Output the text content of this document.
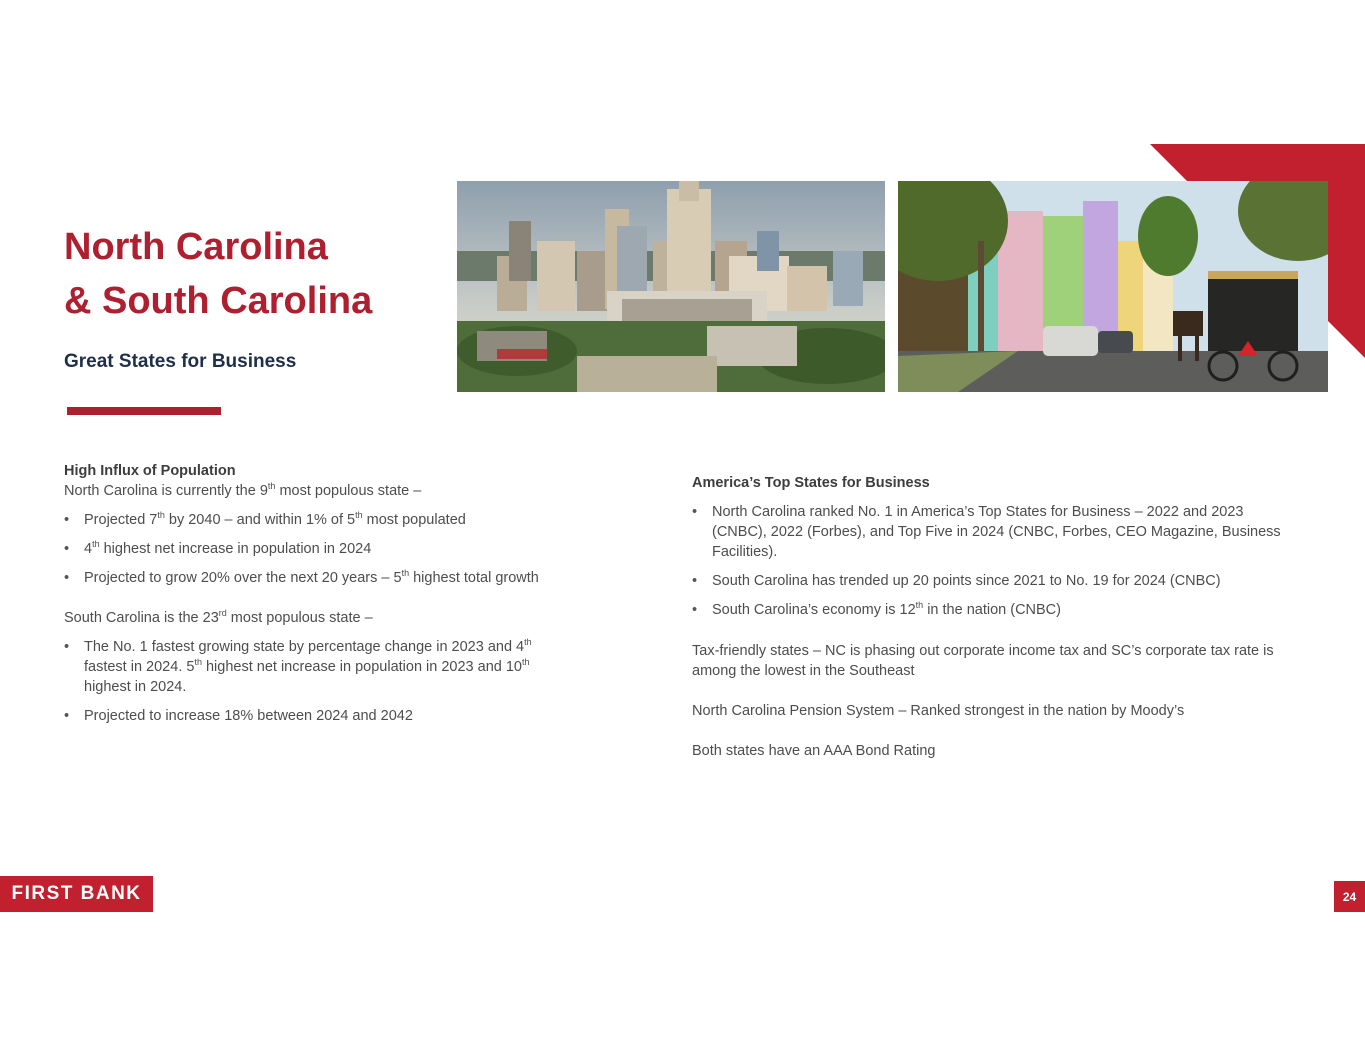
North Carolina
& South Carolina
Great States for Business

High Influx of Population

North Carolina is currently the 9th most populous state –

• Projected 7th by 2040 – and within 1% of 5th most populated
• 4th highest net increase in population in 2024
• Projected to grow 20% over the next 20 years – 5th highest total growth

South Carolina is the 23rd most populous state –

• The No. 1 fastest growing state by percentage change in 2023 and 4th fastest in 2024. 5th highest net increase in population in 2023 and 10th highest in 2024.
• Projected to increase 18% between 2024 and 2042

America’s Top States for Business

• North Carolina ranked No. 1 in America’s Top States for Business – 2022 and 2023 (CNBC), 2022 (Forbes), and Top Five in 2024 (CNBC, Forbes, CEO Magazine, Business Facilities).
• South Carolina has trended up 20 points since 2021 to No. 19 for 2024 (CNBC)
• South Carolina’s economy is 12th in the nation (CNBC)

Tax-friendly states – NC is phasing out corporate income tax and SC’s corporate tax rate is among the lowest in the Southeast

North Carolina Pension System – Ranked strongest in the nation by Moody’s

Both states have an AAA Bond Rating

FIRST BANK	24
